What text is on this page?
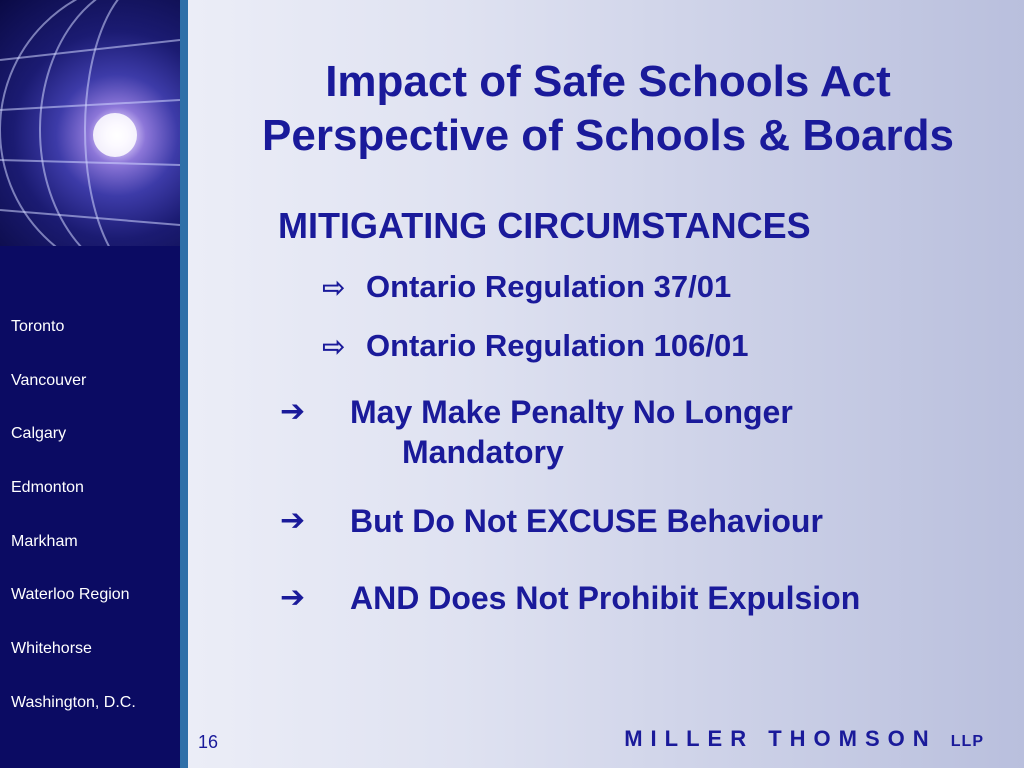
Toronto
Vancouver
Calgary
Edmonton
Markham
Waterloo Region
Whitehorse
Washington, D.C.
Impact of Safe Schools Act
Perspective of Schools & Boards
MITIGATING CIRCUMSTANCES
⇨ Ontario Regulation 37/01
⇨ Ontario Regulation 106/01
➔ May Make Penalty No Longer
Mandatory
➔ But Do Not EXCUSE Behaviour
➔ AND Does Not Prohibit Expulsion
16	MILLER THOMSON LLP
